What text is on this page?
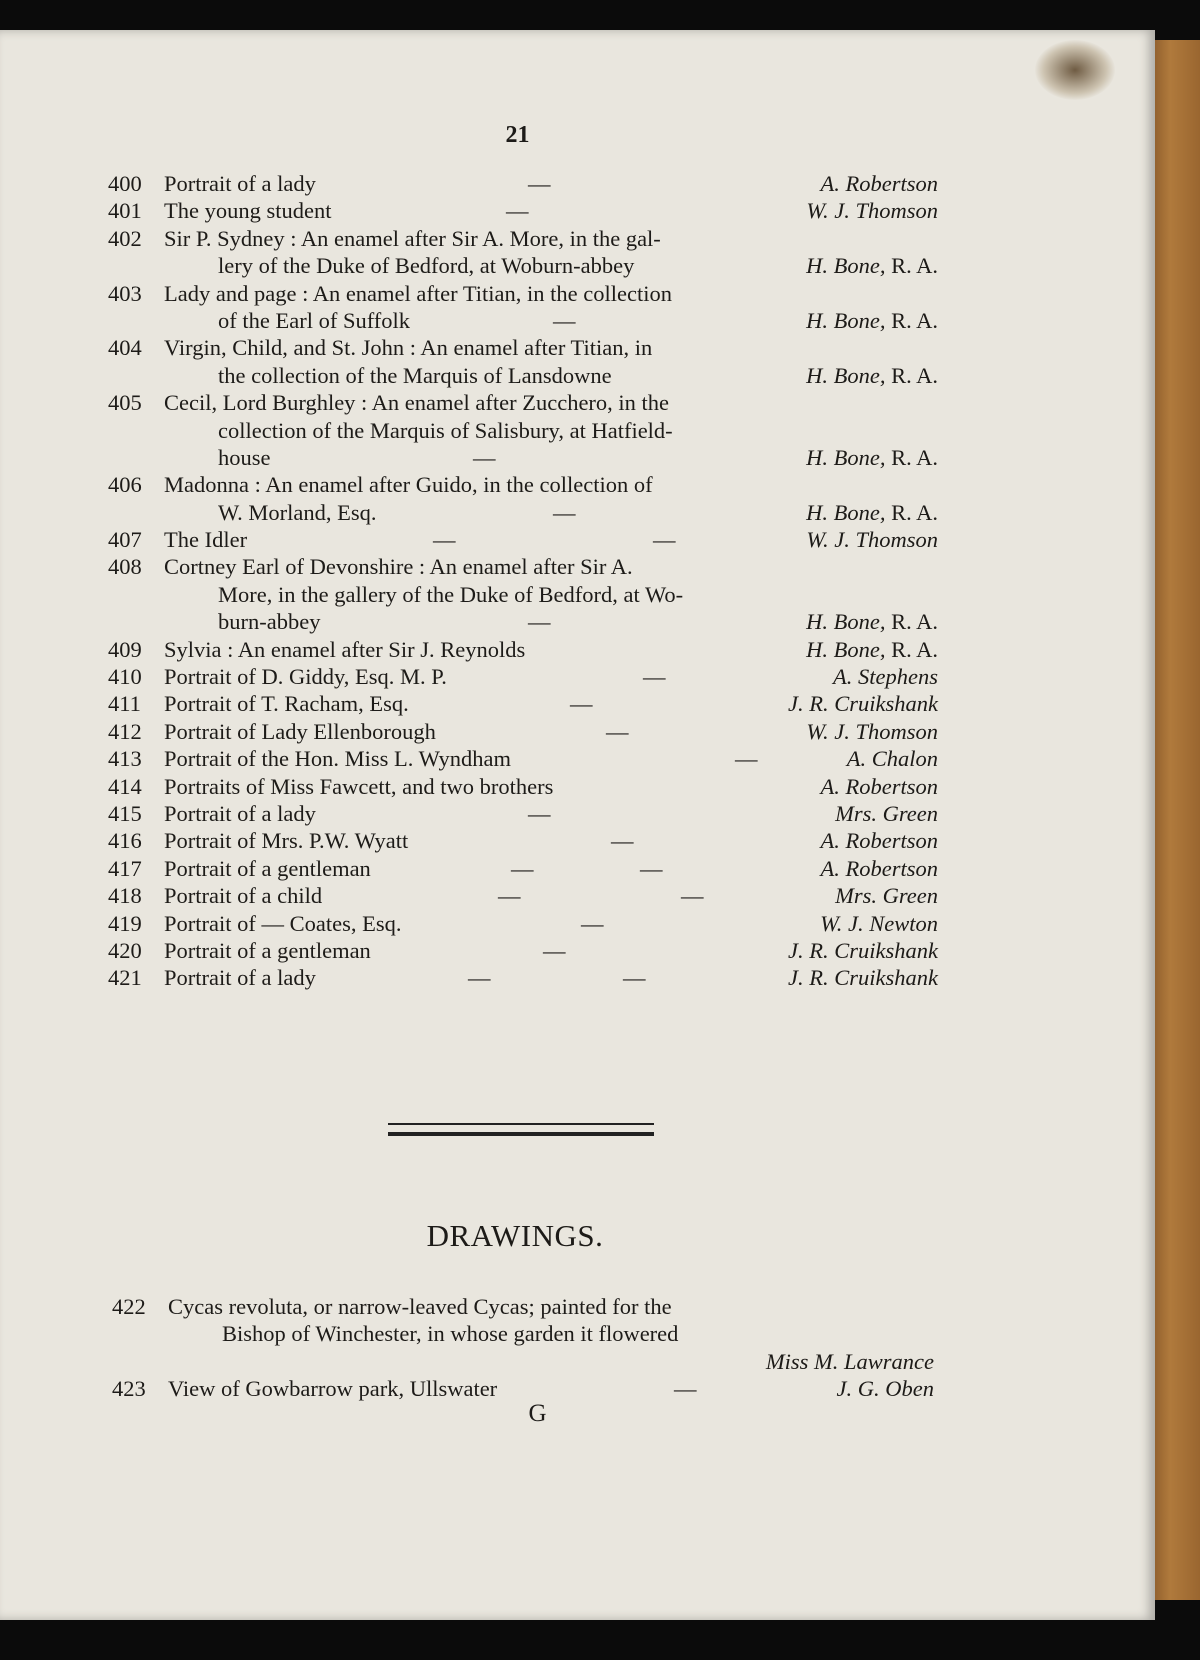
21
400 Portrait of a lady	—	A. Robertson
401 The young student	—	W. J. Thomson
402 Sir P. Sydney : An enamel after Sir A. More, in the gal-
lery of the Duke of Bedford, at Woburn-abbey	H. Bone, R. A.
403 Lady and page : An enamel after Titian, in the collection
of the Earl of Suffolk	—	H. Bone, R. A.
404 Virgin, Child, and St. John : An enamel after Titian, in
the collection of the Marquis of Lansdowne	H. Bone, R. A.
405 Cecil, Lord Burghley : An enamel after Zucchero, in the
collection of the Marquis of Salisbury, at Hatfield-
house	—	H. Bone, R. A.
406 Madonna : An enamel after Guido, in the collection of
W. Morland, Esq.	—	H. Bone, R. A.
407 The Idler	—	—	W. J. Thomson
408 Cortney Earl of Devonshire : An enamel after Sir A.
More, in the gallery of the Duke of Bedford, at Wo-
burn-abbey	—	H. Bone, R. A.
409 Sylvia : An enamel after Sir J. Reynolds	H. Bone, R. A.
410 Portrait of D. Giddy, Esq. M. P.	—	A. Stephens
411	Portrait of T. Racham, Esq.	—	J. R. Cruikshank
412 Portrait of Lady Ellenborough	—	W. J. Thomson
413 Portrait of the Hon. Miss L. Wyndham	—	A. Chalon
414 Portraits of Miss Fawcett, and two brothers	A. Robertson
415 Portrait of a lady	—	Mrs. Green
416 Portrait of Mrs. P.W. Wyatt	—	A. Robertson
417 Portrait of a gentleman	—	—	A. Robertson
418 Portrait of a child	—	—	Mrs. Green
419 Portrait of — Coates, Esq.	—	W. J. Newton
420 Portrait of a gentleman	—	J. R. Cruikshank
421 Portrait of a lady	—	—	J. R. Cruikshank
DRAWINGS.
422 Cycas revoluta, or narrow-leaved Cycas; painted for the
Bishop of Winchester, in whose garden it flowered
Miss M. Lawrance
423 View of Gowbarrow park, Ullswater	—	J. G. Oben
G
